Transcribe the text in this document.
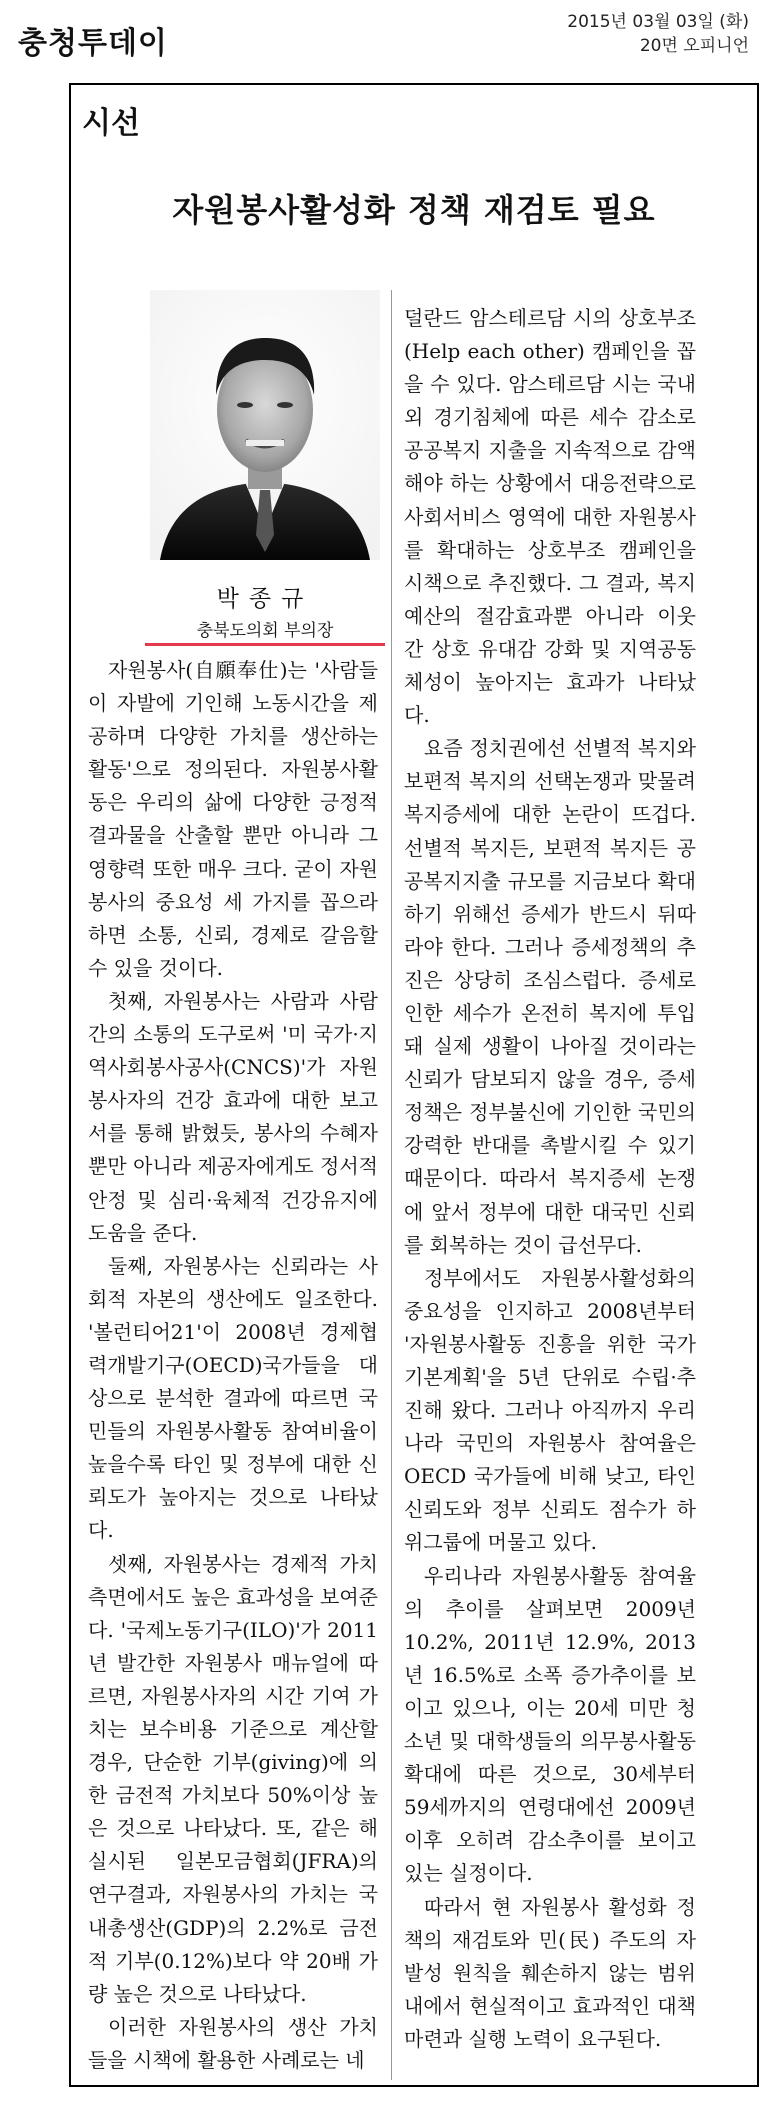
충청투데이
2015년 03월 03일 (화)
20면 오피니언
시선
자원봉사활성화 정책 재검토 필요
박종규
충북도의회 부의장

자원봉사(自願奉仕)는 '사람들이 자발에 기인해 노동시간을 제공하며 다양한 가치를 생산하는 활동'으로 정의된다. 자원봉사활동은 우리의 삶에 다양한 긍정적 결과물을 산출할 뿐만 아니라 그 영향력 또한 매우 크다. 굳이 자원봉사의 중요성 세 가지를 꼽으라 하면 소통, 신뢰, 경제로 갈음할 수 있을 것이다.

첫째, 자원봉사는 사람과 사람 간의 소통의 도구로써 '미 국가·지역사회봉사공사(CNCS)'가 자원봉사자의 건강 효과에 대한 보고서를 통해 밝혔듯, 봉사의 수혜자뿐만 아니라 제공자에게도 정서적 안정 및 심리·육체적 건강유지에 도움을 준다.

둘째, 자원봉사는 신뢰라는 사회적 자본의 생산에도 일조한다. '볼런티어21'이 2008년 경제협력개발기구(OECD)국가들을 대상으로 분석한 결과에 따르면 국민들의 자원봉사활동 참여비율이 높을수록 타인 및 정부에 대한 신뢰도가 높아지는 것으로 나타났다.

셋째, 자원봉사는 경제적 가치 측면에서도 높은 효과성을 보여준다. '국제노동기구(ILO)'가 2011년 발간한 자원봉사 매뉴얼에 따르면, 자원봉사자의 시간 기여 가치는 보수비용 기준으로 계산할 경우, 단순한 기부(giving)에 의한 금전적 가치보다 50%이상 높은 것으로 나타났다. 또, 같은 해 실시된 일본모금협회(JFRA)의 연구결과, 자원봉사의 가치는 국내총생산(GDP)의 2.2%로 금전적 기부(0.12%)보다 약 20배 가량 높은 것으로 나타났다.

이러한 자원봉사의 생산 가치들을 시책에 활용한 사례로는 네

덜란드 암스테르담 시의 상호부조(Help each other) 캠페인을 꼽을 수 있다. 암스테르담 시는 국내외 경기침체에 따른 세수 감소로 공공복지 지출을 지속적으로 감액해야 하는 상황에서 대응전략으로 사회서비스 영역에 대한 자원봉사를 확대하는 상호부조 캠페인을 시책으로 추진했다. 그 결과, 복지예산의 절감효과뿐 아니라 이웃 간 상호 유대감 강화 및 지역공동체성이 높아지는 효과가 나타났다.

요즘 정치권에선 선별적 복지와 보편적 복지의 선택논쟁과 맞물려 복지증세에 대한 논란이 뜨겁다. 선별적 복지든, 보편적 복지든 공공복지지출 규모를 지금보다 확대하기 위해선 증세가 반드시 뒤따라야 한다. 그러나 증세정책의 추진은 상당히 조심스럽다. 증세로 인한 세수가 온전히 복지에 투입돼 실제 생활이 나아질 것이라는 신뢰가 담보되지 않을 경우, 증세 정책은 정부불신에 기인한 국민의 강력한 반대를 촉발시킬 수 있기 때문이다. 따라서 복지증세 논쟁에 앞서 정부에 대한 대국민 신뢰를 회복하는 것이 급선무다.

정부에서도 자원봉사활성화의 중요성을 인지하고 2008년부터 '자원봉사활동 진흥을 위한 국가기본계획'을 5년 단위로 수립·추진해 왔다. 그러나 아직까지 우리나라 국민의 자원봉사 참여율은 OECD 국가들에 비해 낮고, 타인 신뢰도와 정부 신뢰도 점수가 하위그룹에 머물고 있다.

우리나라 자원봉사활동 참여율의 추이를 살펴보면 2009년 10.2%, 2011년 12.9%, 2013년 16.5%로 소폭 증가추이를 보이고 있으나, 이는 20세 미만 청소년 및 대학생들의 의무봉사활동 확대에 따른 것으로, 30세부터 59세까지의 연령대에선 2009년 이후 오히려 감소추이를 보이고 있는 실정이다.

따라서 현 자원봉사 활성화 정책의 재검토와 민(民) 주도의 자발성 원칙을 훼손하지 않는 범위 내에서 현실적이고 효과적인 대책 마련과 실행 노력이 요구된다.
